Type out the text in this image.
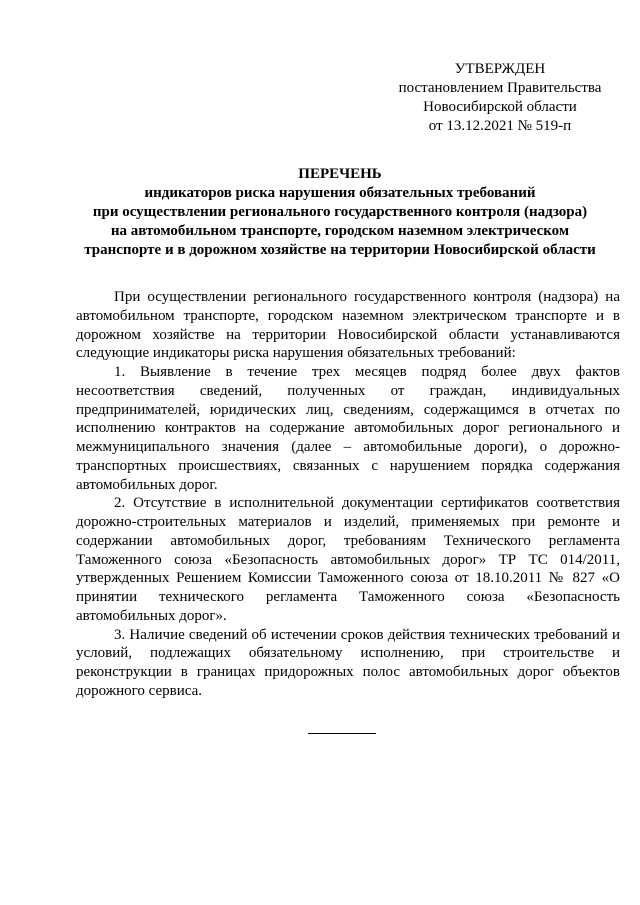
УТВЕРЖДЕН
постановлением Правительства
Новосибирской области
от 13.12.2021 № 519-п
ПЕРЕЧЕНЬ
индикаторов риска нарушения обязательных требований
при осуществлении регионального государственного контроля (надзора)
на автомобильном транспорте, городском наземном электрическом
транспорте и в дорожном хозяйстве на территории Новосибирской области

При осуществлении регионального государственного контроля (надзора) на автомобильном транспорте, городском наземном электрическом транспорте и в дорожном хозяйстве на территории Новосибирской области устанавливаются следующие индикаторы риска нарушения обязательных требований:

1. Выявление в течение трех месяцев подряд более двух фактов несоответствия сведений, полученных от граждан, индивидуальных предпринимателей, юридических лиц, сведениям, содержащимся в отчетах по исполнению контрактов на содержание автомобильных дорог регионального и межмуниципального значения (далее – автомобильные дороги), о дорожно-транспортных происшествиях, связанных с нарушением порядка содержания автомобильных дорог.

2. Отсутствие в исполнительной документации сертификатов соответствия дорожно-строительных материалов и изделий, применяемых при ремонте и содержании автомобильных дорог, требованиям Технического регламента Таможенного союза «Безопасность автомобильных дорог» ТР ТС 014/2011, утвержденных Решением Комиссии Таможенного союза от 18.10.2011 № 827 «О принятии технического регламента Таможенного союза «Безопасность автомобильных дорог».

3. Наличие сведений об истечении сроков действия технических требований и условий, подлежащих обязательному исполнению, при строительстве и реконструкции в границах придорожных полос автомобильных дорог объектов дорожного сервиса.
